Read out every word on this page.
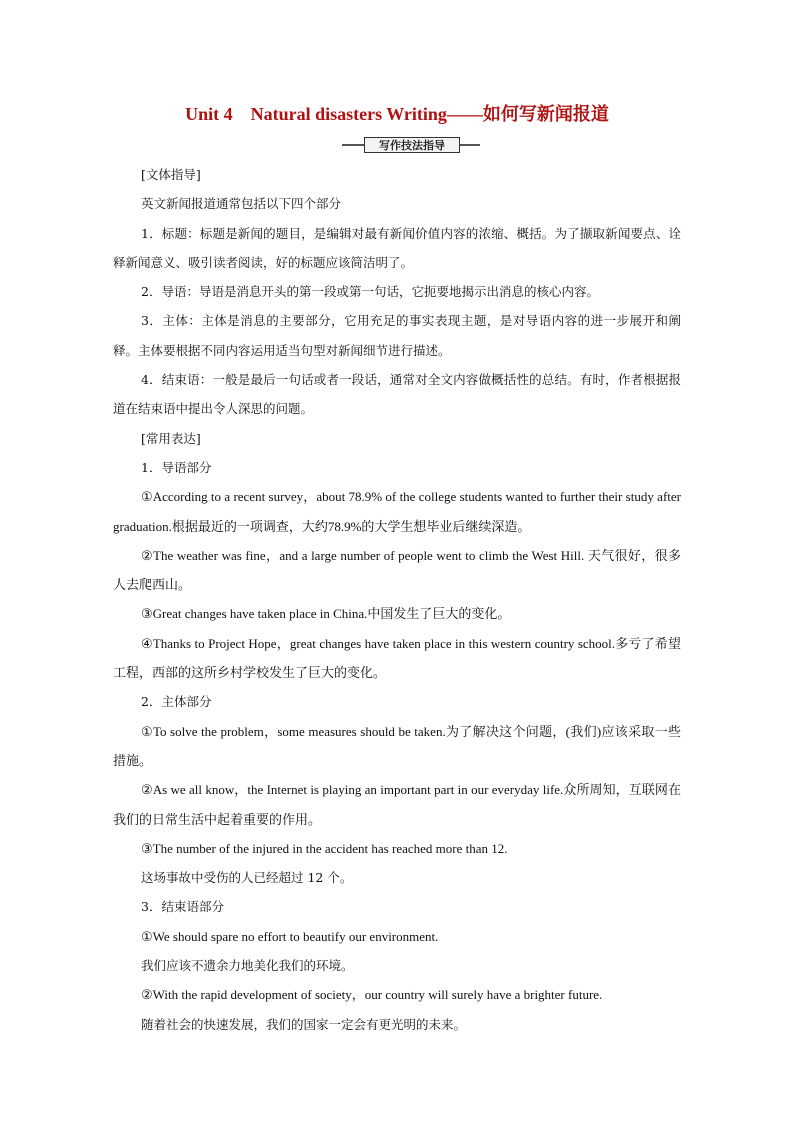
Unit 4　Natural disasters Writing——如何写新闻报道
写作技法指导

[文体指导]

英文新闻报道通常包括以下四个部分

1．标题：标题是新闻的题目，是编辑对最有新闻价值内容的浓缩、概括。为了撷取新闻要点、诠释新闻意义、吸引读者阅读，好的标题应该简洁明了。

2．导语：导语是消息开头的第一段或第一句话，它扼要地揭示出消息的核心内容。

3．主体：主体是消息的主要部分，它用充足的事实表现主题，是对导语内容的进一步展开和阐释。主体要根据不同内容运用适当句型对新闻细节进行描述。

4．结束语：一般是最后一句话或者一段话，通常对全文内容做概括性的总结。有时，作者根据报道在结束语中提出令人深思的问题。

[常用表达]

1．导语部分

①According to a recent survey，about 78.9% of the college students wanted to further their study after graduation.根据最近的一项调查，大约78.9%的大学生想毕业后继续深造。

②The weather was fine，and a large number of people went to climb the West Hill. 天气很好，很多人去爬西山。

③Great changes have taken place in China.中国发生了巨大的变化。

④Thanks to Project Hope，great changes have taken place in this western country school.多亏了希望工程，西部的这所乡村学校发生了巨大的变化。

2．主体部分

①To solve the problem，some measures should be taken.为了解决这个问题，(我们)应该采取一些措施。

②As we all know，the Internet is playing an important part in our everyday life.众所周知，互联网在我们的日常生活中起着重要的作用。

③The number of the injured in the accident has reached more than 12.

这场事故中受伤的人已经超过 12 个。

3．结束语部分

①We should spare no effort to beautify our environment.

我们应该不遗余力地美化我们的环境。

②With the rapid development of society，our country will surely have a brighter future.

随着社会的快速发展，我们的国家一定会有更光明的未来。
